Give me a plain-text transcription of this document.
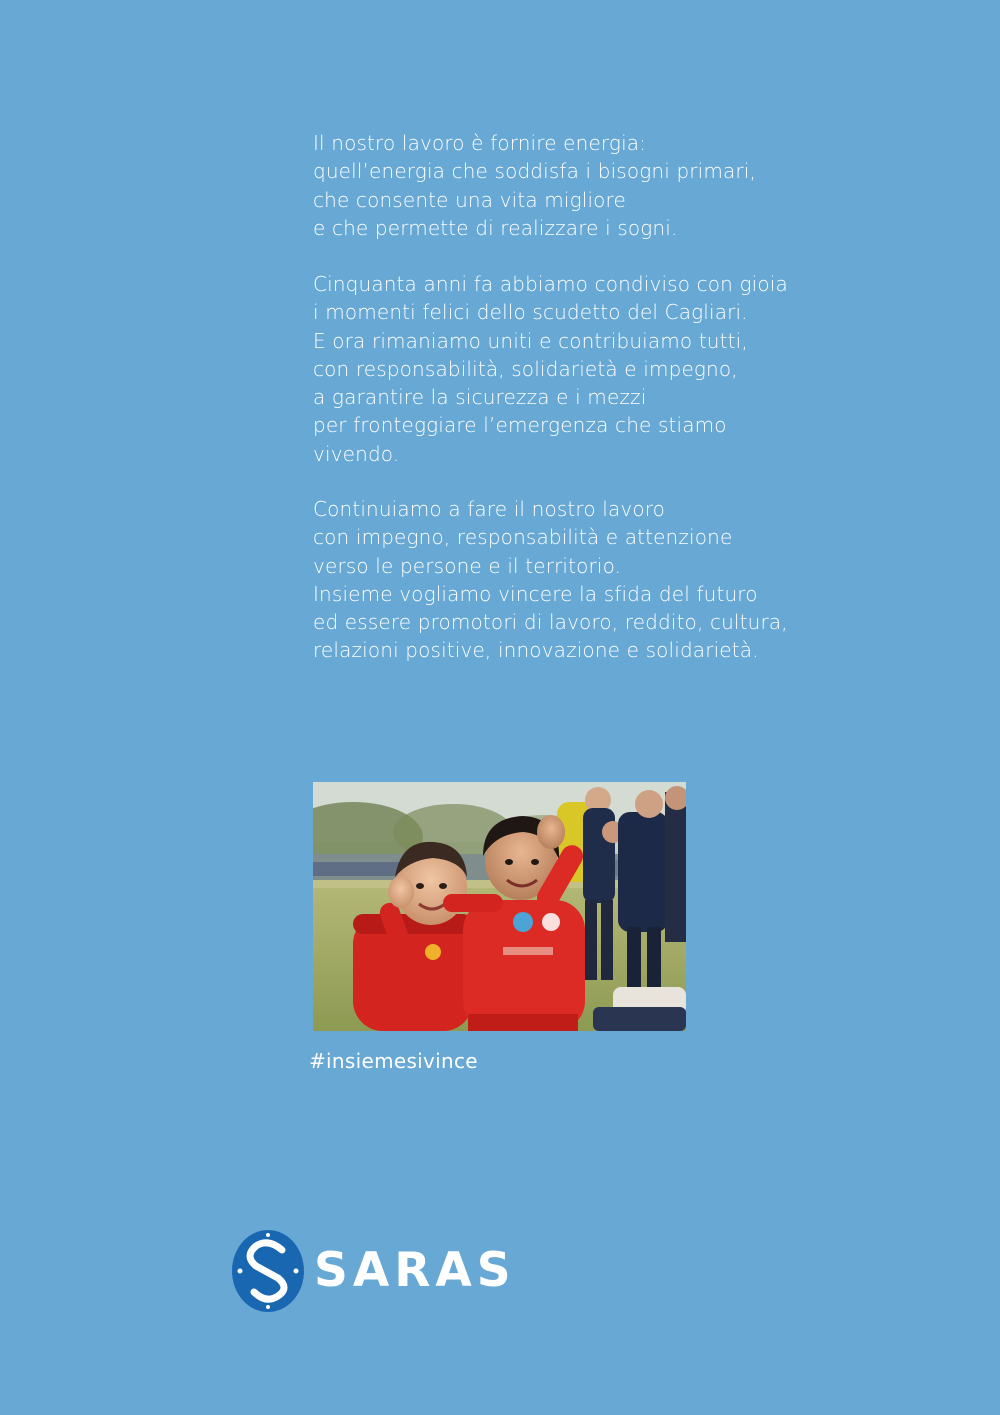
Il nostro lavoro è fornire energia:
quell’energia che soddisfa i bisogni primari,
che consente una vita migliore
e che permette di realizzare i sogni.
Cinquanta anni fa abbiamo condiviso con gioia
i momenti felici dello scudetto del Cagliari.
E ora rimaniamo uniti e contribuiamo tutti,
con responsabilità, solidarietà e impegno,
a garantire la sicurezza e i mezzi
per fronteggiare l’emergenza che stiamo
vivendo.
Continuiamo a fare il nostro lavoro
con impegno, responsabilità e attenzione
verso le persone e il territorio.
Insieme vogliamo vincere la sfida del futuro
ed essere promotori di lavoro, reddito, cultura,
relazioni positive, innovazione e solidarietà.
#insiemesivince
SARAS
